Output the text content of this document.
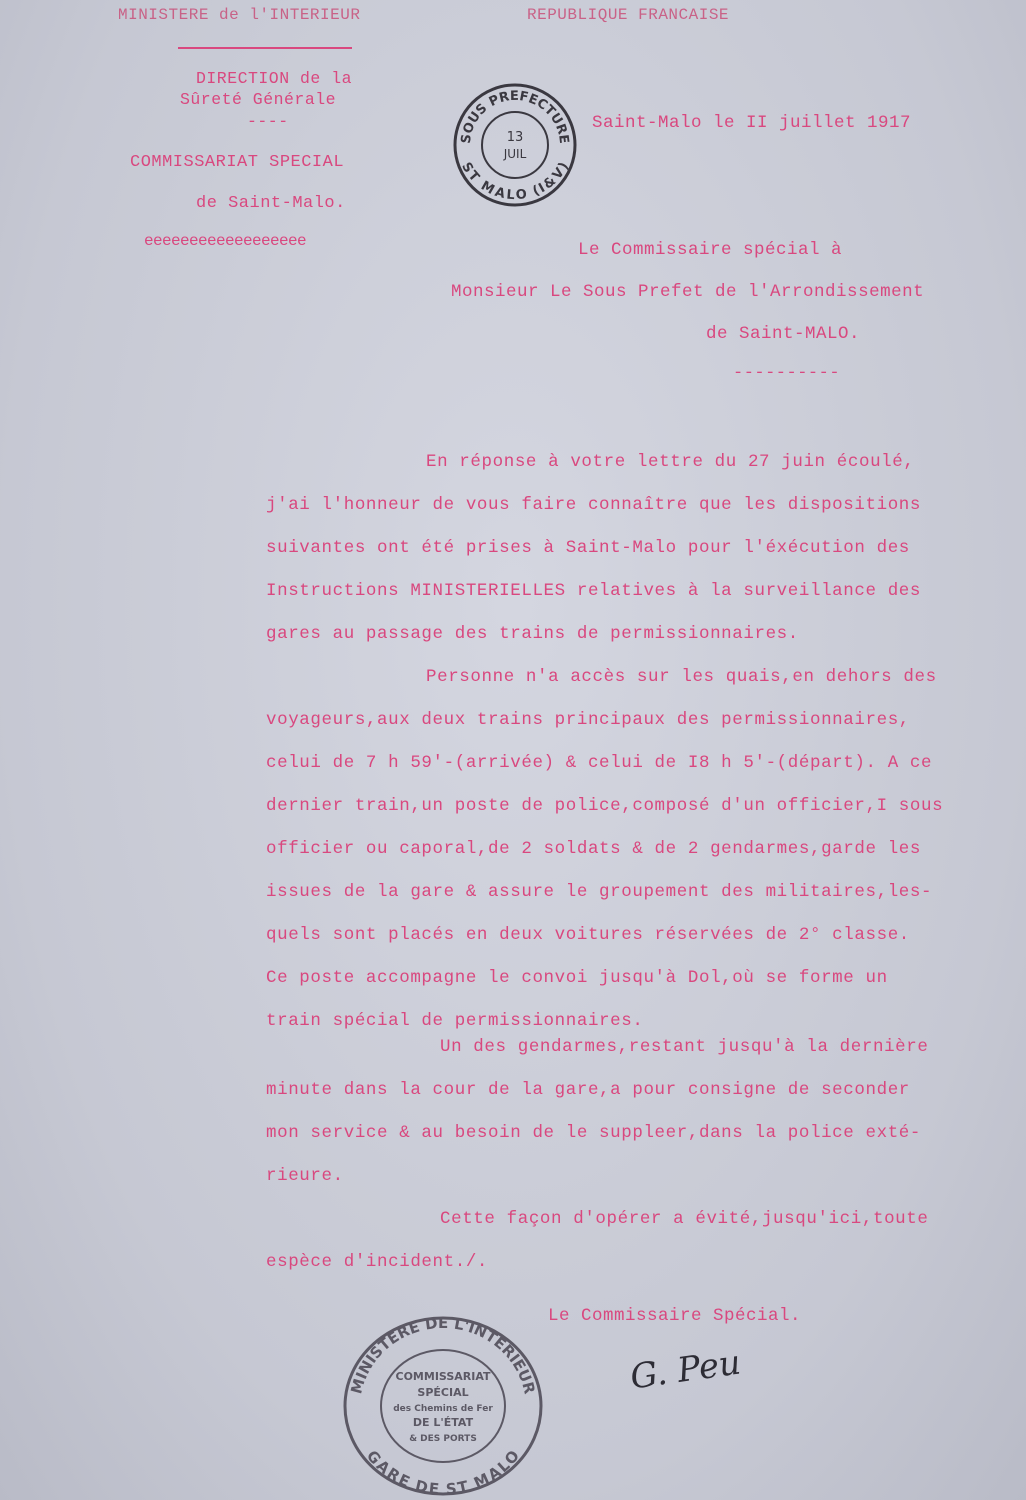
MINISTERE de l'INTERIEUR
DIRECTION de la
Sûreté Générale
----
COMMISSARIAT SPECIAL
de Saint-Malo.
eeeeeeeeeeeeeeeeee
REPUBLIQUE FRANCAISE
Saint-Malo le II juillet 1917
SOUS PREFECTURE
ST MALO (I&V)
13
JUIL
Le Commissaire spécial à
Monsieur Le Sous Prefet de l'Arrondissement
de Saint-MALO.
----------
En réponse à votre lettre du 27 juin écoulé,
j'ai l'honneur de vous faire connaître que les dispositions
suivantes ont été prises à Saint-Malo pour l'éxécution des
Instructions MINISTERIELLES relatives à la surveillance des
gares au passage des trains de permissionnaires.
Personne n'a accès sur les quais,en dehors des
voyageurs,aux deux trains principaux des permissionnaires,
celui de 7 h 59'-(arrivée) & celui de I8 h 5'-(départ). A ce
dernier train,un poste de police,composé d'un officier,I sous
officier ou caporal,de 2 soldats & de 2 gendarmes,garde les
issues de la gare & assure le groupement des militaires,les-
quels sont placés en deux voitures réservées de 2° classe.
Ce poste accompagne le convoi jusqu'à Dol,où se forme un
train spécial de permissionnaires.
Un des gendarmes,restant jusqu'à la dernière
minute dans la cour de la gare,a pour consigne de seconder
mon service & au besoin de le suppleer,dans la police exté-
rieure.
Cette façon d'opérer a évité,jusqu'ici,toute
espèce d'incident./.
Le Commissaire Spécial.
G. Peu
MINISTERE DE L'INTERIEUR
GARE DE ST MALO
COMMISSARIAT
SPÉCIAL
des Chemins de Fer
DE L'ÉTAT
& DES PORTS
